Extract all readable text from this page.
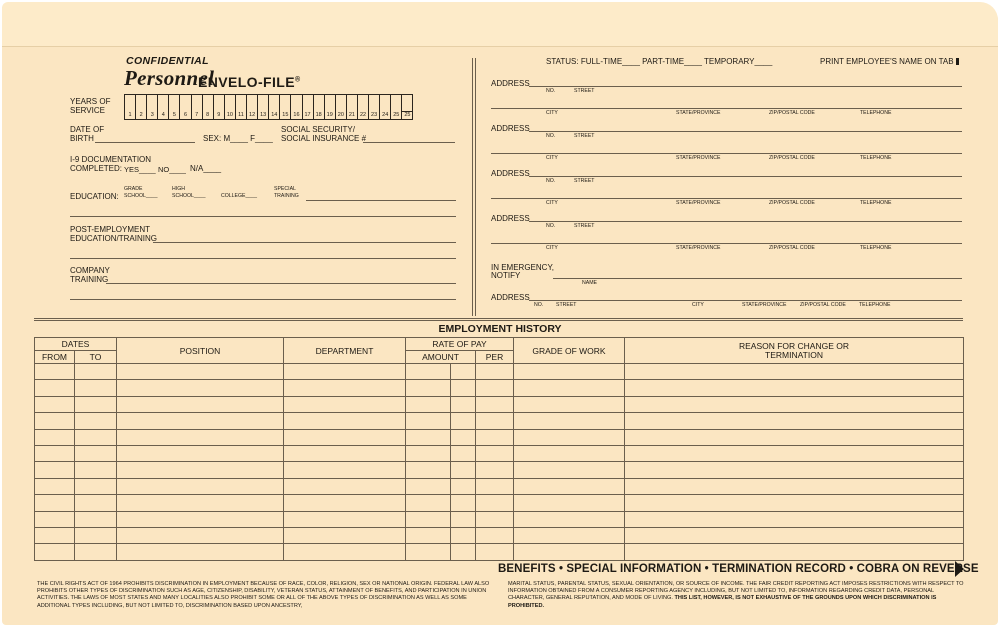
CONFIDENTIAL
Personnel
ENVELO-FILE®
YEARS OF
SERVICE	1	2	3	4	5	6	7	8	9	10 11 12 13 14 15 16 17 18 19 20 21 22 23 24 25 25
DATE OF
BIRTH	SEX: M____ F____
SOCIAL SECURITY/
SOCIAL INSURANCE #
I-9 DOCUMENTATION
COMPLETED: YES____ NO____ N/A____
EDUCATION:
GRADE
SCHOOL____
HIGH
SCHOOL____	COLLEGE____
SPECIAL
TRAINING
POST-EMPLOYMENT
EDUCATION/TRAINING
COMPANY
TRAINING
STATUS: FULL-TIME____ PART-TIME____ TEMPORARY____	PRINT EMPLOYEE'S NAME ON TAB
ADDRESS
NO.	STREET
CITY	STATE/PROVINCE	ZIP/POSTAL CODE	TELEPHONE
ADDRESS
NO.	STREET
CITY	STATE/PROVINCE	ZIP/POSTAL CODE	TELEPHONE
ADDRESS
NO.	STREET
CITY	STATE/PROVINCE	ZIP/POSTAL CODE	TELEPHONE
ADDRESS
NO.	STREET
CITY	STATE/PROVINCE	ZIP/POSTAL CODE	TELEPHONE
IN EMERGENCY,
NOTIFY
NAME
ADDRESS
NO. STREET	CITY	STATE/PROVINCE	ZIP/POSTAL CODE	TELEPHONE
EMPLOYMENT HISTORY
DATES		POSITION	DEPARTMENT	RATE OF PAY			GRADE OF WORK	REASON FOR CHANGE OR
TERMINATION
FROM	TO			AMOUNT		PER		

BENEFITS • SPECIAL INFORMATION • TERMINATION RECORD • COBRA ON REVERSE
THE CIVIL RIGHTS ACT OF 1964 PROHIBITS DISCRIMINATION IN EMPLOYMENT BECAUSE OF RACE, COLOR, RELIGION, SEX OR NATIONAL ORIGIN. FEDERAL LAW ALSO PROHIBITS OTHER TYPES OF DISCRIMINATION SUCH AS AGE, CITIZENSHIP, DISABILITY, VETERAN STATUS, ATTAINMENT OF BENEFITS, AND PARTICIPATION IN UNION ACTIVITIES. THE LAWS OF MOST STATES AND MANY LOCALITIES ALSO PROHIBIT SOME OR ALL OF THE ABOVE TYPES OF DISCRIMINATION AS WELL AS SOME ADDITIONAL TYPES INCLUDING, BUT NOT LIMITED TO, DISCRIMINATION BASED UPON ANCESTRY,
MARITAL STATUS, PARENTAL STATUS, SEXUAL ORIENTATION, OR SOURCE OF INCOME. THE FAIR CREDIT REPORTING ACT IMPOSES RESTRICTIONS WITH RESPECT TO INFORMATION OBTAINED FROM A CONSUMER REPORTING AGENCY INCLUDING, BUT NOT LIMITED TO, INFORMATION REGARDING CREDIT DATA, PERSONAL CHARACTER, GENERAL REPUTATION, AND MODE OF LIVING. THIS LIST, HOWEVER, IS NOT EXHAUSTIVE OF THE GROUNDS UPON WHICH DISCRIMINATION IS PROHIBITED.
